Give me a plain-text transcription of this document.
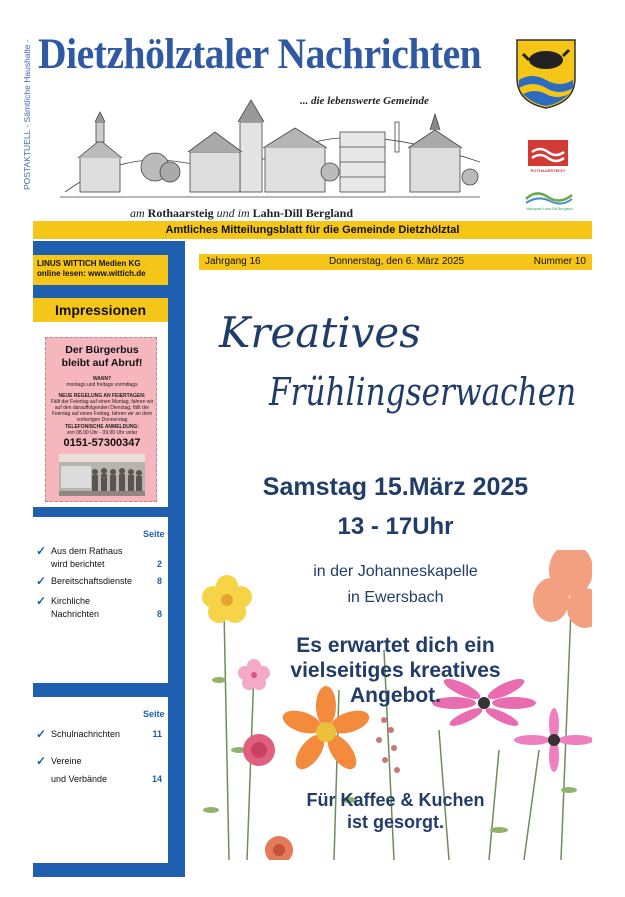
POSTAKTUELL - Sämtliche Haushalte - Dietzhölztaler Nachrichten
... die lebenswerte Gemeinde
am Rothaarsteig und im Lahn-Dill Bergland
ROTHAARSTEIG®
Naturpark Lahn-Dill-Bergland
Amtliches Mitteilungsblatt für die Gemeinde Dietzhölztal
LINUS WITTICH Medien KG
online lesen: www.wittich.de
Impressionen
Der Bürgerbus
bleibt auf Abruf!
WANN?
montags und freitags vormittags
NEUE REGELUNG AN FEIERTAGEN:
Fällt der Feiertag auf einen Montag, fahren wir auf den darauffolgenden Dienstag, fällt der Feiertag auf einen Freitag, fahren wir an dem vorherigen Donnerstag
TELEFONISCHE ANMELDUNG:
von 08.00 Uhr - 09.00 Uhr unter
0151-57300347
Seite
✓ Aus dem Rathaus
wird berichtet	2
✓ Bereitschaftsdienste	8
✓ Kirchliche
Nachrichten	8
Seite
✓ Schulnachrichten	11
✓ Vereine
und Verbände	14
Jahrgang 16	Donnerstag, den 6. März 2025	Nummer 10
Kreatives
Frühlingserwachen
Samstag 15.März 2025
13 - 17Uhr
in der Johanneskapelle
in Ewersbach
Es erwartet dich ein
vielseitiges kreatives
Angebot.
Für Kaffee & Kuchen
ist gesorgt.
